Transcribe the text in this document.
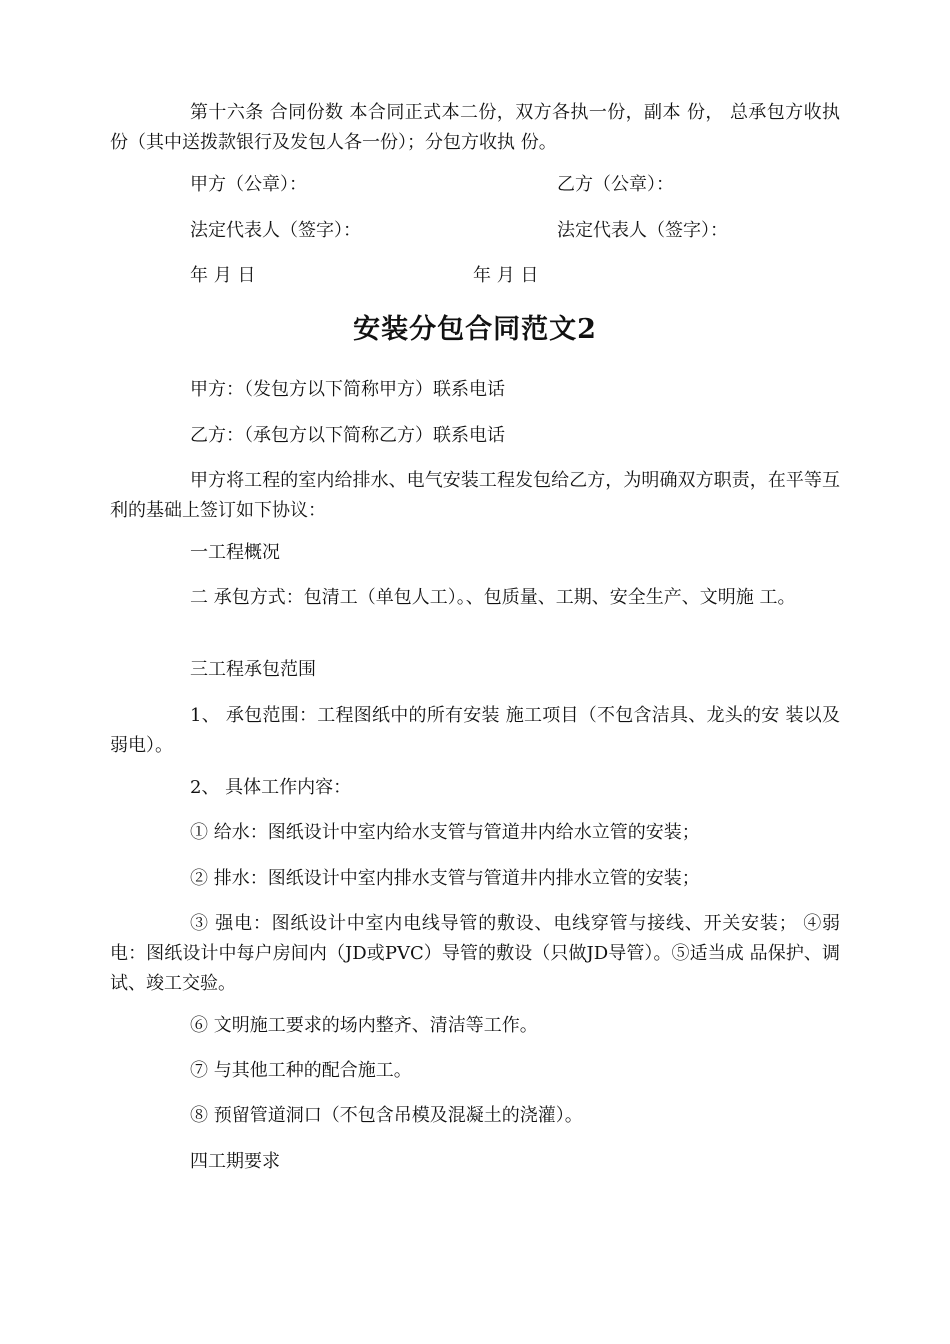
第十六条 合同份数 本合同正式本二份，双方各执一份，副本 份， 总承包方收执 份（其中送拨款银行及发包人各一份）；分包方收执 份。
甲方（公章）：	乙方（公章）：
法定代表人（签字）：	法定代表人（签字）：
年 月 日	年 月 日
安装分包合同范文2
甲方：（发包方以下简称甲方）联系电话
乙方：（承包方以下简称乙方）联系电话
甲方将工程的室内给排水、电气安装工程发包给乙方，为明确双方职责，在平等互利的基础上签订如下协议：
一工程概况
二 承包方式：包清工（单包人工）。、包质量、工期、安全生产、文明施 工。
三工程承包范围
1、 承包范围：工程图纸中的所有安装 施工项目（不包含洁具、龙头的安 装以及弱电）。
2、 具体工作内容：
① 给水：图纸设计中室内给水支管与管道井内给水立管的安装；
② 排水：图纸设计中室内排水支管与管道井内排水立管的安装；
③ 强电：图纸设计中室内电线导管的敷设、电线穿管与接线、开关安装； ④弱电：图纸设计中每户房间内（JD或PVC）导管的敷设（只做JD导管）。⑤适当成 品保护、调试、竣工交验。
⑥ 文明施工要求的场内整齐、清洁等工作。
⑦ 与其他工种的配合施工。
⑧ 预留管道洞口（不包含吊模及混凝土的浇灌）。
四工期要求
